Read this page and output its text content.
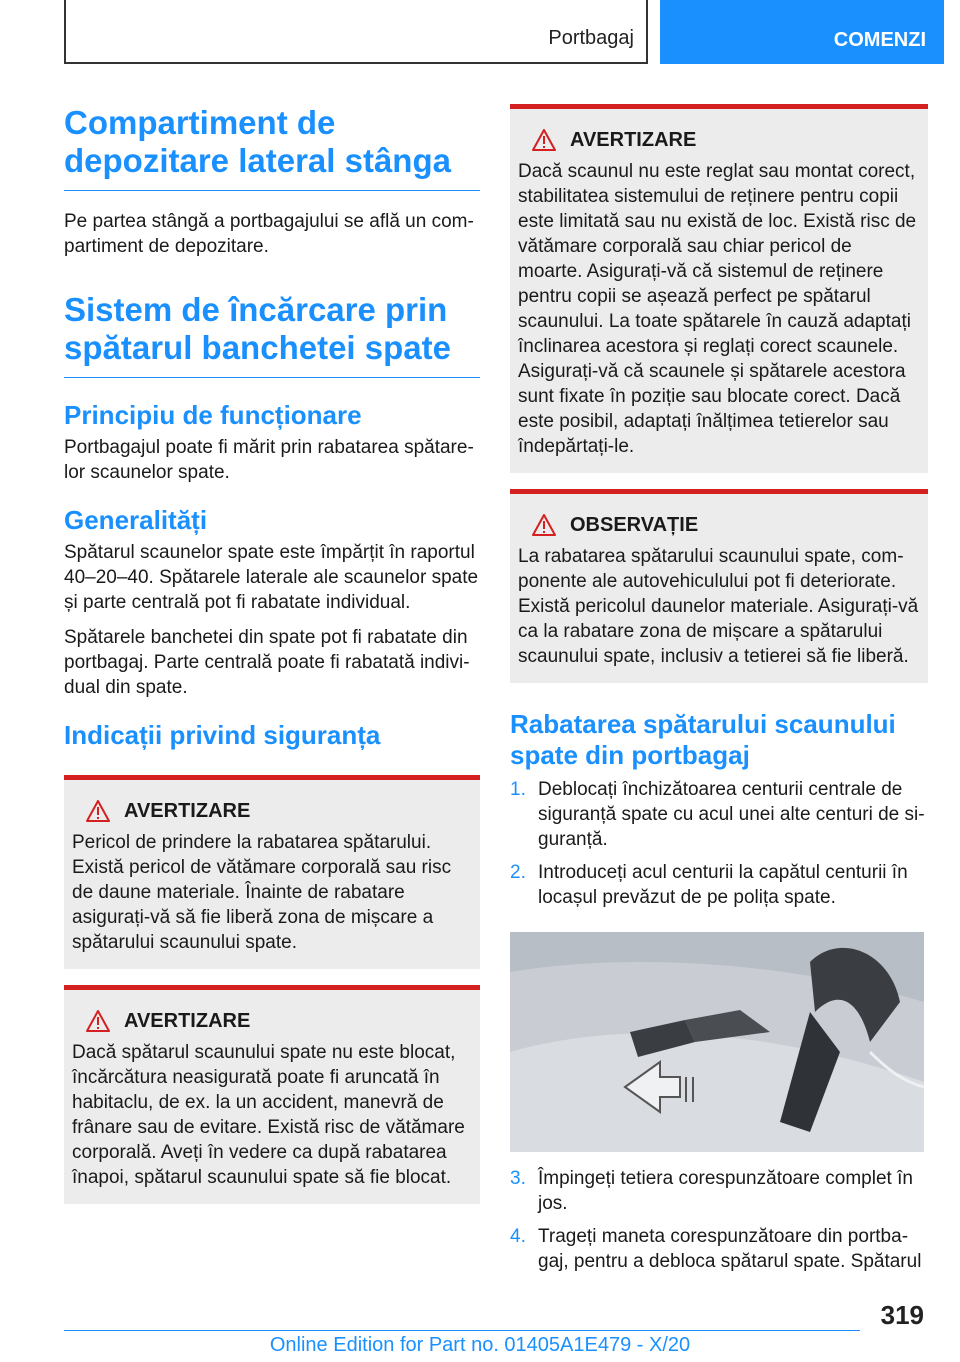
Portbagaj	COMENZI
Compartiment de depozitare lateral stânga

Pe partea stângă a portbagajului se află un compartiment de depozitare.

Sistem de încărcare prin spătarul banchetei spate
Principiu de funcționare

Portbagajul poate fi mărit prin rabatarea spătarelor scaunelor spate.

Generalități

Spătarul scaunelor spate este împărțit în raportul 40–20–40. Spătarele laterale ale scaunelor spate și parte centrală pot fi rabatate individual.

Spătarele banchetei din spate pot fi rabatate din portbagaj. Parte centrală poate fi rabatată individual din spate.

Indicații privind siguranța
AVERTIZARE

Pericol de prindere la rabatarea spătarului. Există pericol de vătămare corporală sau risc de daune materiale. Înainte de rabatare asigurați-vă să fie liberă zona de mișcare a spătarului scaunului spate.

AVERTIZARE

Dacă spătarul scaunului spate nu este blocat, încărcătura neasigurată poate fi aruncată în habitaclu, de ex. la un accident, manevră de frânare sau de evitare. Există risc de vătămare corporală. Aveți în vedere ca după rabatarea înapoi, spătarul scaunului spate să fie blocat.

AVERTIZARE

Dacă scaunul nu este reglat sau montat corect, stabilitatea sistemului de reținere pentru copii este limitată sau nu există de loc. Există risc de vătămare corporală sau chiar pericol de moarte. Asigurați-vă că sistemul de reținere pentru copii se așează perfect pe spătarul scaunului. La toate spătarele în cauză adaptați înclinarea acestora și reglați corect scaunele. Asigurați-vă că scaunele și spătarele acestora sunt fixate în poziție sau blocate corect. Dacă este posibil, adaptați înălțimea tetierelor sau îndepărtați-le.

OBSERVAȚIE

La rabatarea spătarului scaunului spate, componente ale autovehiculului pot fi deteriorate. Există pericolul daunelor materiale. Asigurați-vă ca la rabatare zona de mișcare a spătarului scaunului spate, inclusiv a tetierei să fie liberă.

Rabatarea spătarului scaunului spate din portbagaj
1. Deblocați închizătoarea centurii centrale de siguranță spate cu acul unei alte centuri de siguranță.
2. Introduceți acul centurii la capătul centurii în locașul prevăzut de pe polița spate.
3. Împingeți tetiera corespunzătoare complet în jos.
4. Trageți maneta corespunzătoare din portbagaj, pentru a debloca spătarul spate. Spătarul
319
Online Edition for Part no. 01405A1E479 - X/20
